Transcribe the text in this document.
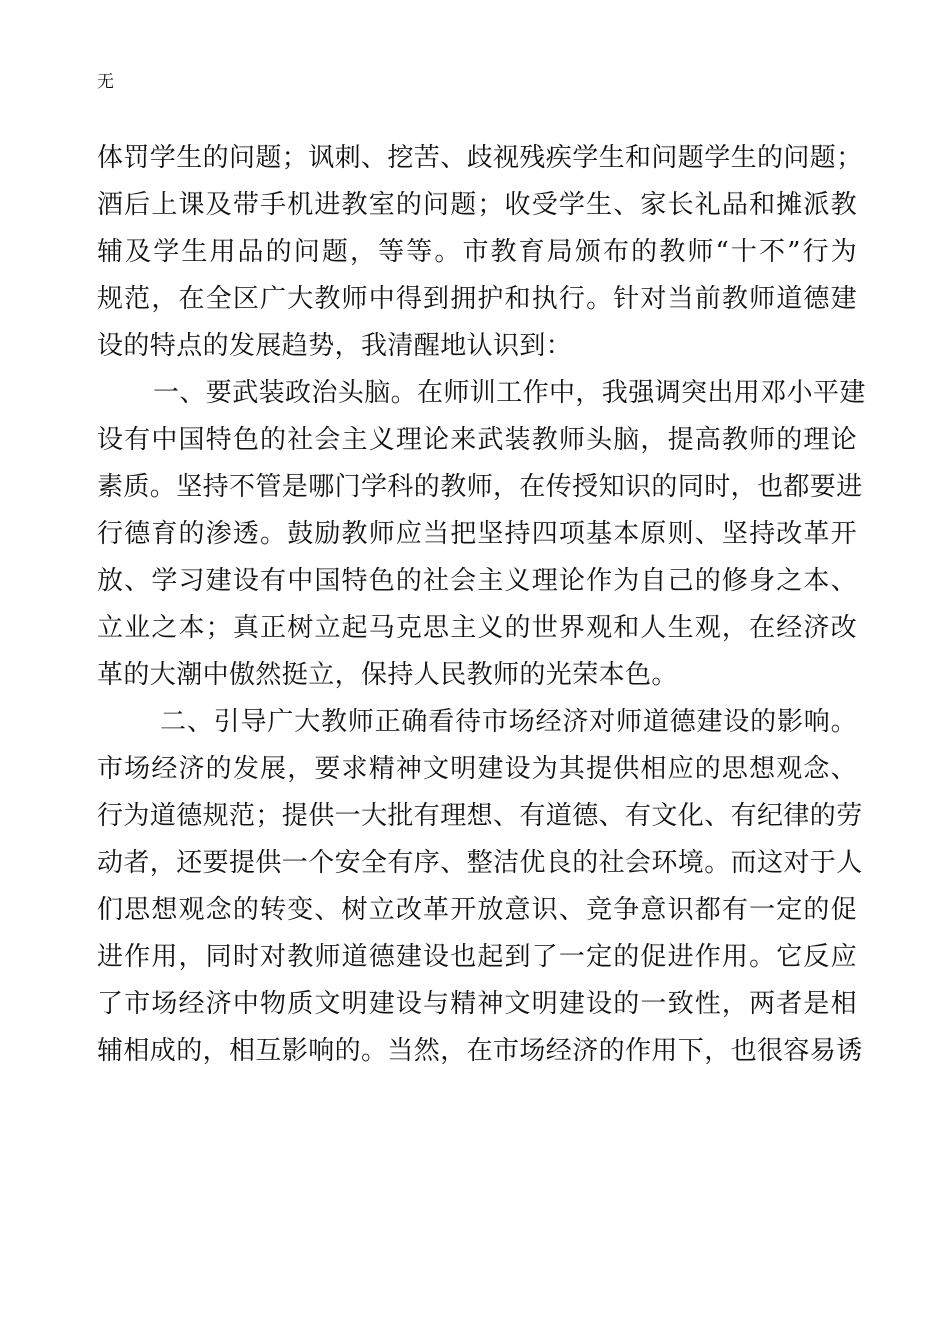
无
体罚学生的问题；讽刺、挖苦、歧视残疾学生和问题学生的问题；
酒后上课及带手机进教室的问题；收受学生、家长礼品和摊派教
辅及学生用品的问题，等等。市教育局颁布的教师“十不”行为
规范，在全区广大教师中得到拥护和执行。针对当前教师道德建
设的特点的发展趋势，我清醒地认识到：
一、要武装政治头脑。在师训工作中，我强调突出用邓小平建
设有中国特色的社会主义理论来武装教师头脑，提高教师的理论
素质。坚持不管是哪门学科的教师，在传授知识的同时，也都要进
行德育的渗透。鼓励教师应当把坚持四项基本原则、坚持改革开
放、学习建设有中国特色的社会主义理论作为自己的修身之本、
立业之本；真正树立起马克思主义的世界观和人生观，在经济改
革的大潮中傲然挺立，保持人民教师的光荣本色。
二、引导广大教师正确看待市场经济对师道德建设的影响。
市场经济的发展，要求精神文明建设为其提供相应的思想观念、
行为道德规范；提供一大批有理想、有道德、有文化、有纪律的劳
动者，还要提供一个安全有序、整洁优良的社会环境。而这对于人
们思想观念的转变、树立改革开放意识、竞争意识都有一定的促
进作用，同时对教师道德建设也起到了一定的促进作用。它反应
了市场经济中物质文明建设与精神文明建设的一致性，两者是相
辅相成的，相互影响的。当然，在市场经济的作用下，也很容易诱
